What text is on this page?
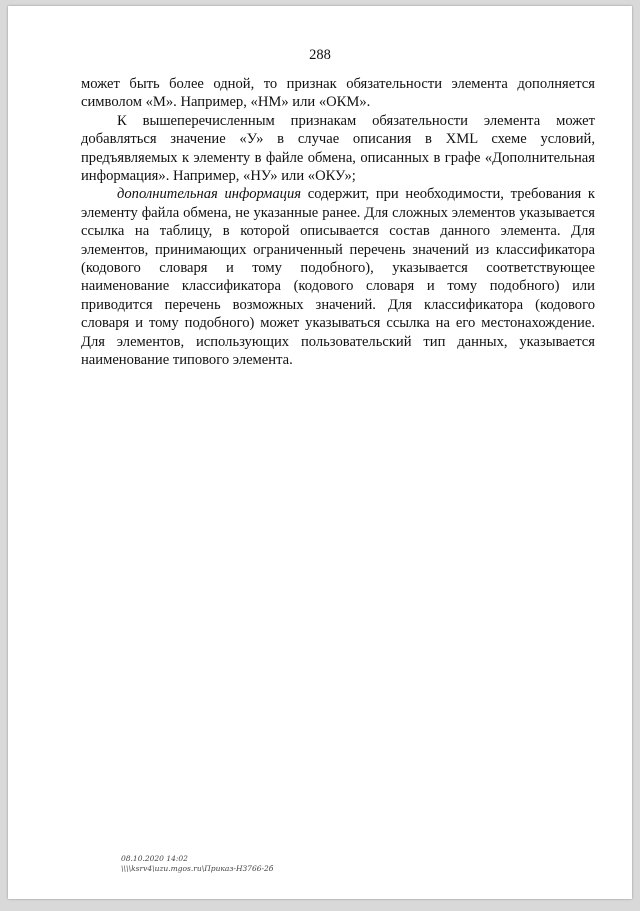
288

может быть более одной, то признак обязательности элемента дополняется символом «М». Например, «НМ» или «ОКМ».

К вышеперечисленным признакам обязательности элемента может добавляться значение «У» в случае описания в XML схеме условий, предъявляемых к элементу в файле обмена, описанных в графе «Дополнительная информация». Например, «НУ» или «ОКУ»;

дополнительная информация содержит, при необходимости, требования к элементу файла обмена, не указанные ранее. Для сложных элементов указывается ссылка на таблицу, в которой описывается состав данного элемента. Для элементов, принимающих ограниченный перечень значений из классификатора (кодового словаря и тому подобного), указывается соответствующее наименование классификатора (кодового словаря и тому подобного) или приводится перечень возможных значений. Для классификатора (кодового словаря и тому подобного) может указываться ссылка на его местонахождение. Для элементов, использующих пользовательский тип данных, указывается наименование типового элемента.

08.10.2020 14:02
\\\\ksrv4\uzu.mgos.ru\Приказ-НЗ766-2б
